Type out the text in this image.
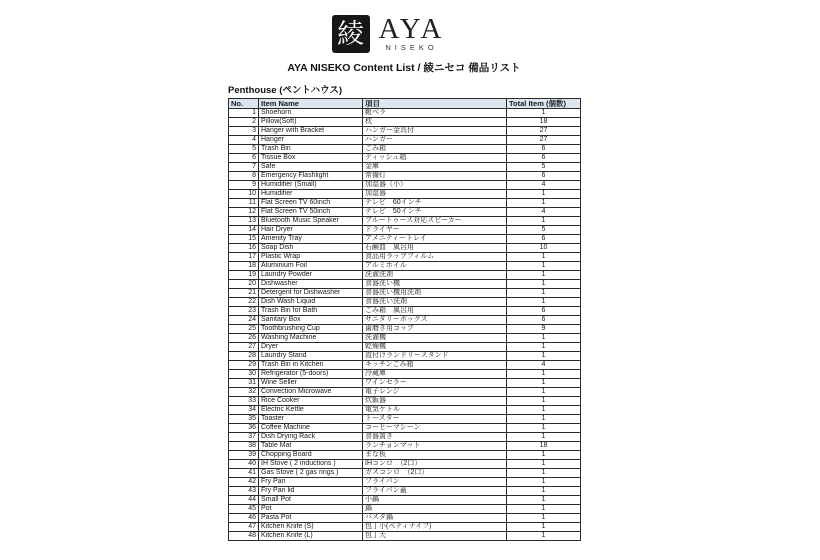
綾 AYA
NISEKO
AYA NISEKO Content List / 綾ニセコ 備品リスト
Penthouse (ペントハウス)
No.	Item Name	項目	Total Item (個数)
1	Shoehorn	靴ベラ	1
2	Pillow(Soft)	枕	18
3	Hanger with Bracket	ハンガー金具付	27
4	Hanger	ハンガー	27
5	Trash Bin	ごみ箱	6
6	Tissue Box	ティッシュ箱	6
7	Safe	金庫	5
8	Emergency Flashlight	常備灯	6
9	Humidifier (Small)	加湿器（小）	4
10	Humidifier	加湿器	1
11	Flat Screen TV 60inch	テレビ　60インチ	1
12	Flat Screen TV 50inch	テレビ　50インチ	4
13	Bluetooth Music Speaker	ブルートゥース対応スピーカー	1
14	Hair Dryer	ドライヤー	5
15	Amenity Tray	アメニティートレイ	6
16	Soap Dish	石鹸皿　風呂用	10
17	Plastic Wrap	食品用ラップフィルム	1
18	Aluminium Foil	アルミホイル	1
19	Laundry Powder	洗濯洗剤	1
20	Dishwasher	食器洗い機	1
21	Detergent for Dishwasher	食器洗い機用洗剤	1
22	Dish Wash Liquid	食器洗い洗剤	1
23	Trash Bin for Bath	ごみ箱　風呂用	6
24	Sanitary Box	サニタリーボックス	6
25	Toothbrushing Cup	歯磨き用コップ	9
26	Washing Machine	洗濯機	1
27	Dryer	乾燥機	1
28	Laundry Stand	直付けランドリースタンド	1
29	Trash Bin in Kitchen	キッチンごみ箱	4
30	Refrigerator (5-doors)	冷蔵庫	1
31	Wine Seller	ワインセラー	1
32	Convection Microwave	電子レンジ	1
33	Rice Cooker	炊飯器	1
34	Electric Kettle	電気ケトル	1
35	Toaster	トースター	1
36	Coffee Machine	コーヒーマシーン	1
37	Dish Drying Rack	食器置き	1
38	Table Mat	ランチョンマット	18
39	Chopping Board	まな板	1
40	IH Stove ( 2 inductions )	IHコンロ　（2口）	1
41	Gas Stove ( 2 gas rings )	ガスコンロ　（2口）	1
42	Fry Pan	フライパン	1
43	Fry Pan lid	フライパン蓋	1
44	Small Pot	小鍋	1
45	Pot	鍋	1
46	Pasta Pot	パスタ鍋	1
47	Kitchen Knife (S)	包丁小(ペティナイフ)	1
48	Kitchen Knife (L)	包丁大	1
